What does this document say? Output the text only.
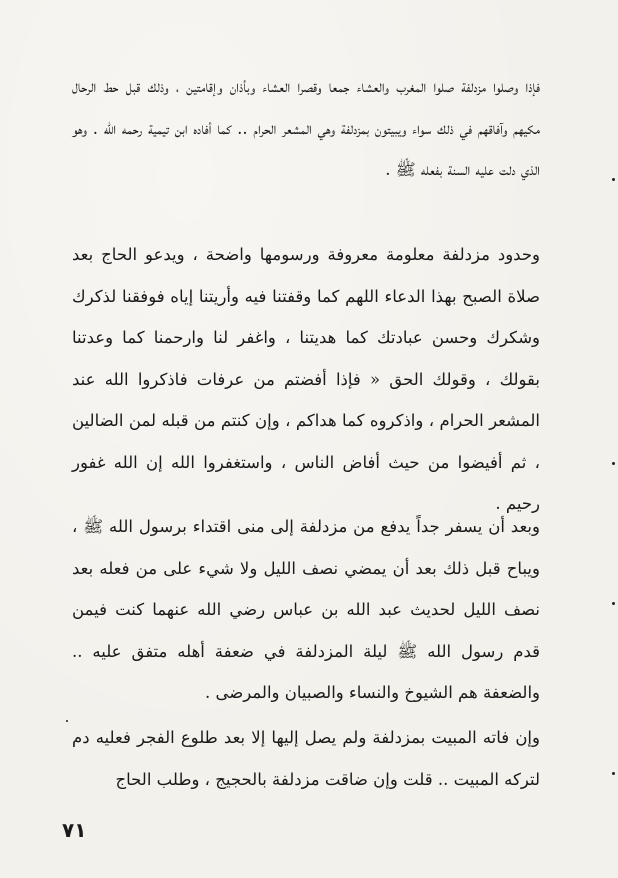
فإذا وصلوا مزدلفة صلوا المغرب والعشاء جمعا وقصرا العشاء وبأذان وإقامتين ، وذلك قبل حط الرحال مكيهم وآفاقهم في ذلك سواء ويبيتون بمزدلفة وهي المشعر الحرام .. كما أفاده ابن تيمية رحمه الله . وهو الذي دلت عليه السنة بفعله ﷺ .

وحدود مزدلفة معلومة معروفة ورسومها واضحة ، ويدعو الحاج بعد صلاة الصبح بهذا الدعاء اللهم كما وقفتنا فيه وأريتنا إياه فوفقنا لذكرك وشكرك وحسن عبادتك كما هديتنا ، واغفر لنا وارحمنا كما وعدتنا بقولك ، وقولك الحق « فإذا أفضتم من عرفات فاذكروا الله عند المشعر الحرام ، واذكروه كما هداكم ، وإن كنتم من قبله لمن الضالين ، ثم أفيضوا من حيث أفاض الناس ، واستغفروا الله إن الله غفور رحيم .

وبعد أن يسفر جداً يدفع من مزدلفة إلى منى اقتداء برسول الله ﷺ ، ويباح قبل ذلك بعد أن يمضي نصف الليل ولا شيء على من فعله بعد نصف الليل لحديث عبد الله بن عباس رضي الله عنهما كنت فيمن قدم رسول الله ﷺ ليلة المزدلفة في ضعفة أهله متفق عليه .. والضعفة هم الشيوخ والنساء والصبيان والمرضى .

وإن فاته المبيت بمزدلفة ولم يصل إليها إلا بعد طلوع الفجر فعليه دم لتركه المبيت .. قلت وإن ضاقت مزدلفة بالحجيج ، وطلب الحاج

٧١
